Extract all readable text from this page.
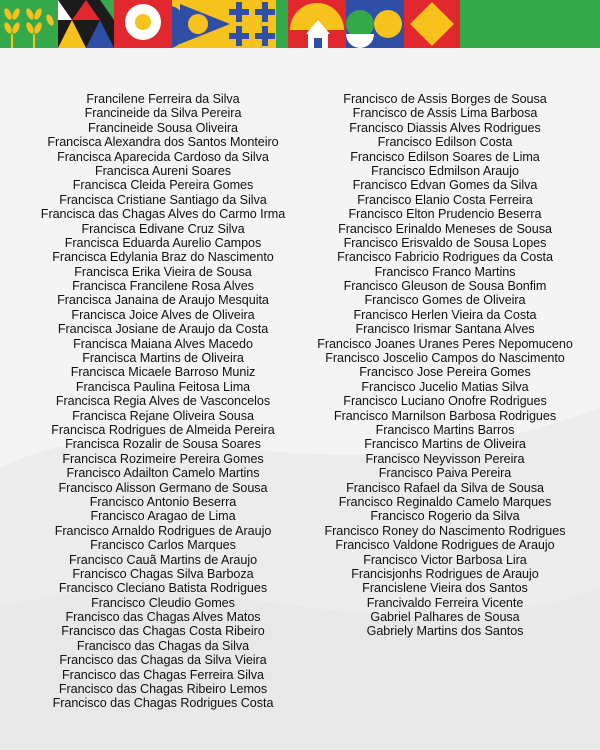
Francilene Ferreira da Silva
Francineide da Silva Pereira
Francineide Sousa Oliveira
Francisca Alexandra dos Santos Monteiro
Francisca Aparecida Cardoso da Silva
Francisca Aureni Soares
Francisca Cleida Pereira Gomes
Francisca Cristiane Santiago da Silva
Francisca das Chagas Alves do Carmo Irma
Francisca Edivane Cruz Silva
Francisca Eduarda Aurelio Campos
Francisca Edylania Braz do Nascimento
Francisca Erika Vieira de Sousa
Francisca Francilene Rosa Alves
Francisca Janaina de Araujo Mesquita
Francisca Joice Alves de Oliveira
Francisca Josiane de Araujo da Costa
Francisca Maiana Alves Macedo
Francisca Martins de Oliveira
Francisca Micaele Barroso Muniz
Francisca Paulina Feitosa Lima
Francisca Regia Alves de Vasconcelos
Francisca Rejane Oliveira Sousa
Francisca Rodrigues de Almeida Pereira
Francisca Rozalir de Sousa Soares
Francisca Rozimeire Pereira Gomes
Francisco Adailton Camelo Martins
Francisco Alisson Germano de Sousa
Francisco Antonio Beserra
Francisco Aragao de Lima
Francisco Arnaldo Rodrigues de Araujo
Francisco Carlos Marques
Francisco Cauã Martins de Araujo
Francisco Chagas Silva Barboza
Francisco Cleciano Batista Rodrigues
Francisco Cleudio Gomes
Francisco das Chagas Alves Matos
Francisco das Chagas Costa Ribeiro
Francisco das Chagas da Silva
Francisco das Chagas da Silva Vieira
Francisco das Chagas Ferreira Silva
Francisco das Chagas Ribeiro Lemos
Francisco das Chagas Rodrigues Costa
Francisco de Assis Borges de Sousa
Francisco de Assis Lima Barbosa
Francisco Diassis Alves Rodrigues
Francisco Edilson Costa
Francisco Edilson Soares de Lima
Francisco Edmilson Araujo
Francisco Edvan Gomes da Silva
Francisco Elanio Costa Ferreira
Francisco Elton Prudencio Beserra
Francisco Erinaldo Meneses de Sousa
Francisco Erisvaldo de Sousa Lopes
Francisco Fabricio Rodrigues da Costa
Francisco Franco Martins
Francisco Gleuson de Sousa Bonfim
Francisco Gomes de Oliveira
Francisco Herlen Vieira da Costa
Francisco Irismar Santana Alves
Francisco Joanes Uranes Peres Nepomuceno
Francisco Joscelio Campos do Nascimento
Francisco Jose Pereira Gomes
Francisco Jucelio Matias Silva
Francisco Luciano Onofre Rodrigues
Francisco Marnilson Barbosa Rodrigues
Francisco Martins Barros
Francisco Martins de Oliveira
Francisco Neyvisson Pereira
Francisco Paiva Pereira
Francisco Rafael da Silva de Sousa
Francisco Reginaldo Camelo Marques
Francisco Rogerio da Silva
Francisco Roney do Nascimento Rodrigues
Francisco Valdone Rodrigues de Araujo
Francisco Victor Barbosa Lira
Francisjonhs Rodrigues de Araujo
Francislene Vieira dos Santos
Francivaldo Ferreira Vicente
Gabriel Palhares de Sousa
Gabriely Martins dos Santos
